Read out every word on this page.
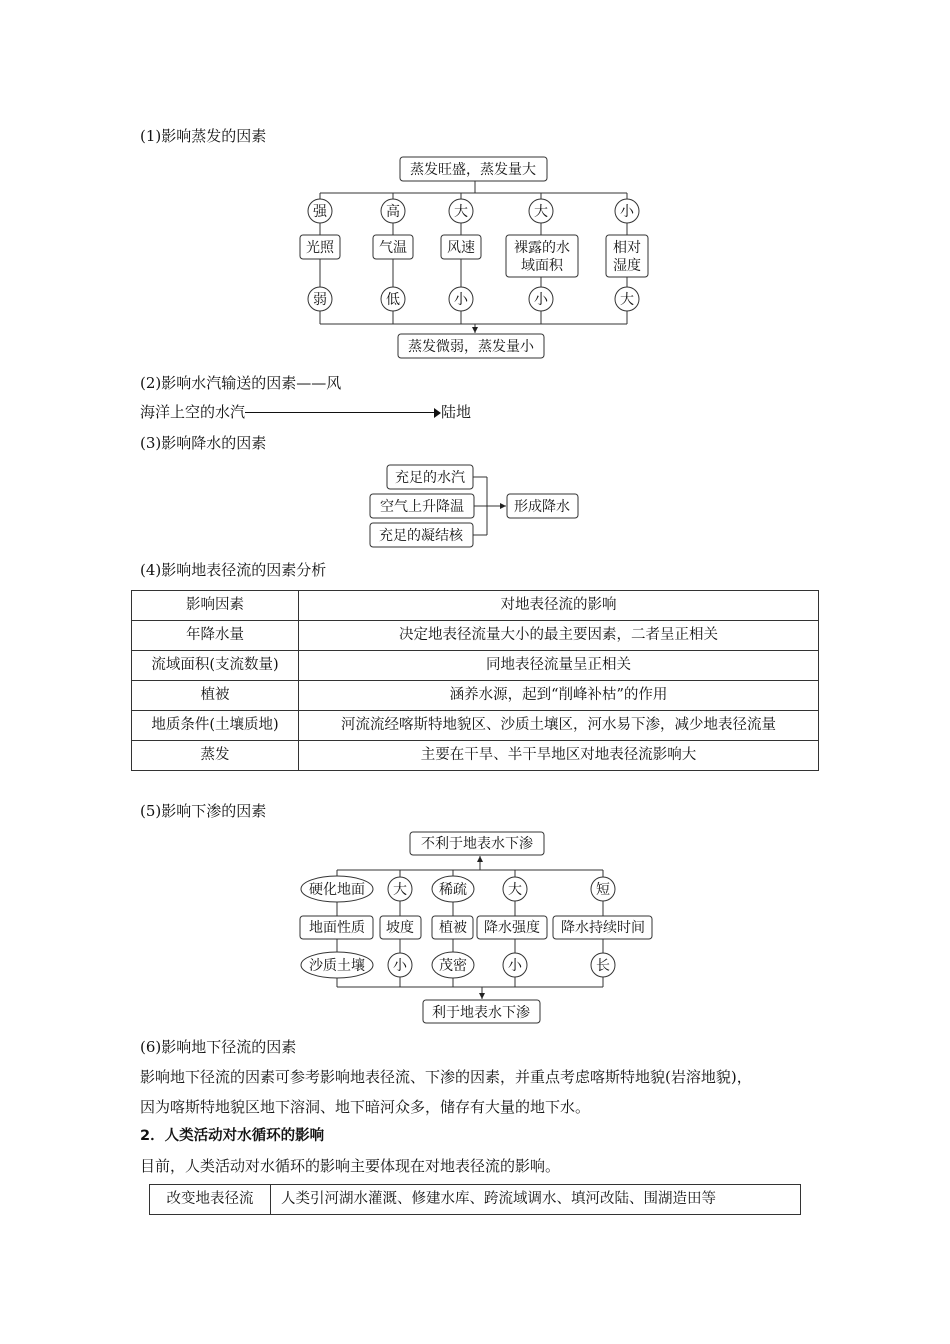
(1)影响蒸发的因素
蒸发旺盛，蒸发量大
强	高	大	大	小
光照	气温	风速	裸露的水
域面积
相对
湿度
弱	低	小	小	大
蒸发微弱，蒸发量小
(2)影响水汽输送的因素——风
海洋上空的水汽	陆地
(3)影响降水的因素
充足的水汽
空气上升降温
充足的凝结核
形成降水
(4)影响地表径流的因素分析
影响因素	对地表径流的影响
年降水量	决定地表径流量大小的最主要因素，二者呈正相关
流域面积(支流数量)	同地表径流量呈正相关
植被	涵养水源，起到“削峰补枯”的作用
地质条件(土壤质地)	河流流经喀斯特地貌区、沙质土壤区，河水易下渗，减少地表径流量
蒸发	主要在干旱、半干旱地区对地表径流影响大
(5)影响下渗的因素
不利于地表水下渗
硬化地面 大 稀疏	大	短
地面性质 坡度 植被 降水强度 降水持续时间
沙质土壤 小 茂密	小	长
利于地表水下渗
(6)影响地下径流的因素
影响地下径流的因素可参考影响地表径流、下渗的因素，并重点考虑喀斯特地貌(岩溶地貌)，
因为喀斯特地貌区地下溶洞、地下暗河众多，储存有大量的地下水。
2．人类活动对水循环的影响
目前，人类活动对水循环的影响主要体现在对地表径流的影响。
改变地表径流	人类引河湖水灌溉、修建水库、跨流域调水、填河改陆、围湖造田等
